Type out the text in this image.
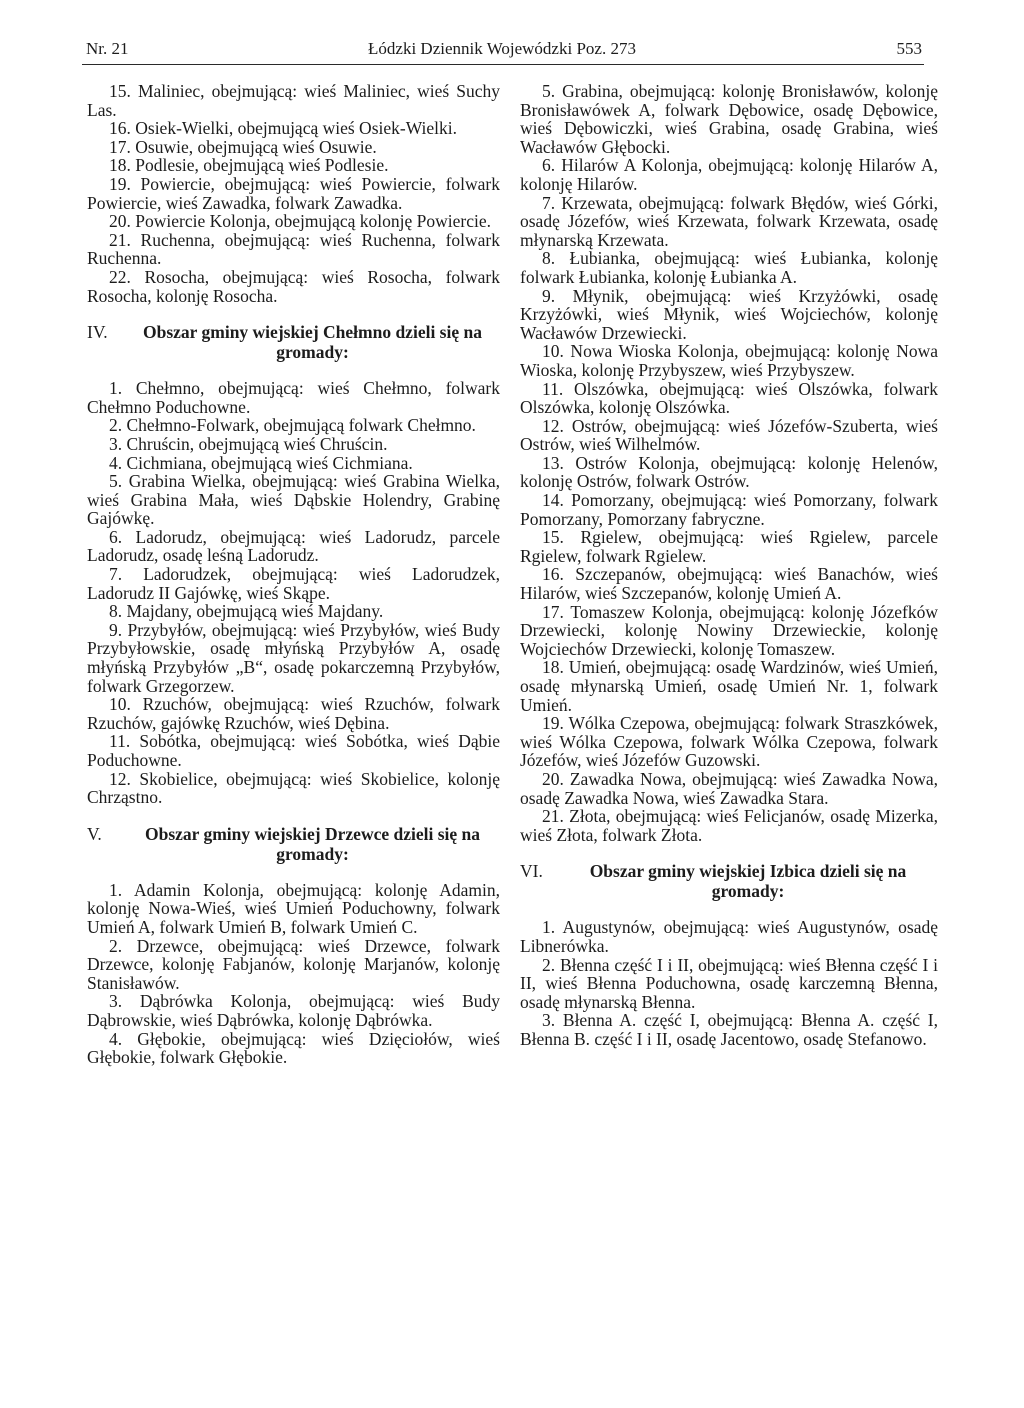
Nr. 21	Łódzki Dziennik Wojewódzki Poz. 273	553

15. Maliniec, obejmującą: wieś Maliniec, wieś Suchy Las.

16. Osiek-Wielki, obejmującą wieś Osiek-Wielki.

17. Osuwie, obejmującą wieś Osuwie.

18. Podlesie, obejmującą wieś Podlesie.

19. Powiercie, obejmującą: wieś Powiercie, folwark Powiercie, wieś Zawadka, folwark Zawadka.

20. Powiercie Kolonja, obejmującą kolonję Powiercie.

21. Ruchenna, obejmującą: wieś Ruchenna, folwark Ruchenna.

22. Rosocha, obejmującą: wieś Rosocha, folwark Rosocha, kolonję Rosocha.

IV.	Obszar gminy wiejskiej Chełmno dzieli się na gromady:

1. Chełmno, obejmującą: wieś Chełmno, folwark Chełmno Poduchowne.

2. Chełmno-Folwark, obejmującą folwark Chełmno.

3. Chruścin, obejmującą wieś Chruścin.

4. Cichmiana, obejmującą wieś Cichmiana.

5. Grabina Wielka, obejmującą: wieś Grabina Wielka, wieś Grabina Mała, wieś Dąbskie Holendry, Grabinę Gajówkę.

6. Ladorudz, obejmującą: wieś Ladorudz, parcele Ladorudz, osadę leśną Ladorudz.

7. Ladorudzek, obejmującą: wieś Ladorudzek, Ladorudz II Gajówkę, wieś Skąpe.

8. Majdany, obejmującą wieś Majdany.

9. Przybyłów, obejmującą: wieś Przybyłów, wieś Budy Przybyłowskie, osadę młyńską Przybyłów A, osadę młyńską Przybyłów „B“, osadę pokarczemną Przybyłów, folwark Grzegorzew.

10. Rzuchów, obejmującą: wieś Rzuchów, folwark Rzuchów, gajówkę Rzuchów, wieś Dębina.

11. Sobótka, obejmującą: wieś Sobótka, wieś Dąbie Poduchowne.

12. Skobielice, obejmującą: wieś Skobielice, kolonję Chrząstno.

V.	Obszar gminy wiejskiej Drzewce dzieli się na gromady:

1. Adamin Kolonja, obejmującą: kolonję Adamin, kolonję Nowa-Wieś, wieś Umień Poduchowny, folwark Umień A, folwark Umień B, folwark Umień C.

2. Drzewce, obejmującą: wieś Drzewce, folwark Drzewce, kolonję Fabjanów, kolonję Marjanów, kolonję Stanisławów.

3. Dąbrówka Kolonja, obejmującą: wieś Budy Dąbrowskie, wieś Dąbrówka, kolonję Dąbrówka.

4. Głębokie, obejmującą: wieś Dzięciołów, wieś Głębokie, folwark Głębokie.

5. Grabina, obejmującą: kolonję Bronisławów, kolonję Bronisławówek A, folwark Dębowice, osadę Dębowice, wieś Dębowiczki, wieś Grabina, osadę Grabina, wieś Wacławów Głębocki.

6. Hilarów A Kolonja, obejmującą: kolonję Hilarów A, kolonję Hilarów.

7. Krzewata, obejmującą: folwark Błędów, wieś Górki, osadę Józefów, wieś Krzewata, folwark Krzewata, osadę młynarską Krzewata.

8. Łubianka, obejmującą: wieś Łubianka, kolonję folwark Łubianka, kolonję Łubianka A.

9. Młynik, obejmującą: wieś Krzyżówki, osadę Krzyżówki, wieś Młynik, wieś Wojciechów, kolonję Wacławów Drzewiecki.

10. Nowa Wioska Kolonja, obejmującą: kolonję Nowa Wioska, kolonję Przybyszew, wieś Przybyszew.

11. Olszówka, obejmującą: wieś Olszówka, folwark Olszówka, kolonję Olszówka.

12. Ostrów, obejmującą: wieś Józefów-Szuberta, wieś Ostrów, wieś Wilhelmów.

13. Ostrów Kolonja, obejmującą: kolonję Helenów, kolonję Ostrów, folwark Ostrów.

14. Pomorzany, obejmującą: wieś Pomorzany, folwark Pomorzany, Pomorzany fabryczne.

15. Rgielew, obejmującą: wieś Rgielew, parcele Rgielew, folwark Rgielew.

16. Szczepanów, obejmującą: wieś Banachów, wieś Hilarów, wieś Szczepanów, kolonję Umień A.

17. Tomaszew Kolonja, obejmującą: kolonję Józefków Drzewiecki, kolonję Nowiny Drzewieckie, kolonję Wojciechów Drzewiecki, kolonję Tomaszew.

18. Umień, obejmującą: osadę Wardzinów, wieś Umień, osadę młynarską Umień, osadę Umień Nr. 1, folwark Umień.

19. Wólka Czepowa, obejmującą: folwark Straszkówek, wieś Wólka Czepowa, folwark Wólka Czepowa, folwark Józefów, wieś Józefów Guzowski.

20. Zawadka Nowa, obejmującą: wieś Zawadka Nowa, osadę Zawadka Nowa, wieś Zawadka Stara.

21. Złota, obejmującą: wieś Felicjanów, osadę Mizerka, wieś Złota, folwark Złota.

VI.	Obszar gminy wiejskiej Izbica dzieli się na gromady:

1. Augustynów, obejmującą: wieś Augustynów, osadę Libnerówka.

2. Błenna część I i II, obejmującą: wieś Błenna część I i II, wieś Błenna Poduchowna, osadę karczemną Błenna, osadę młynarską Błenna.

3. Błenna A. część I, obejmującą: Błenna A. część I, Błenna B. część I i II, osadę Jacentowo, osadę Stefanowo.
